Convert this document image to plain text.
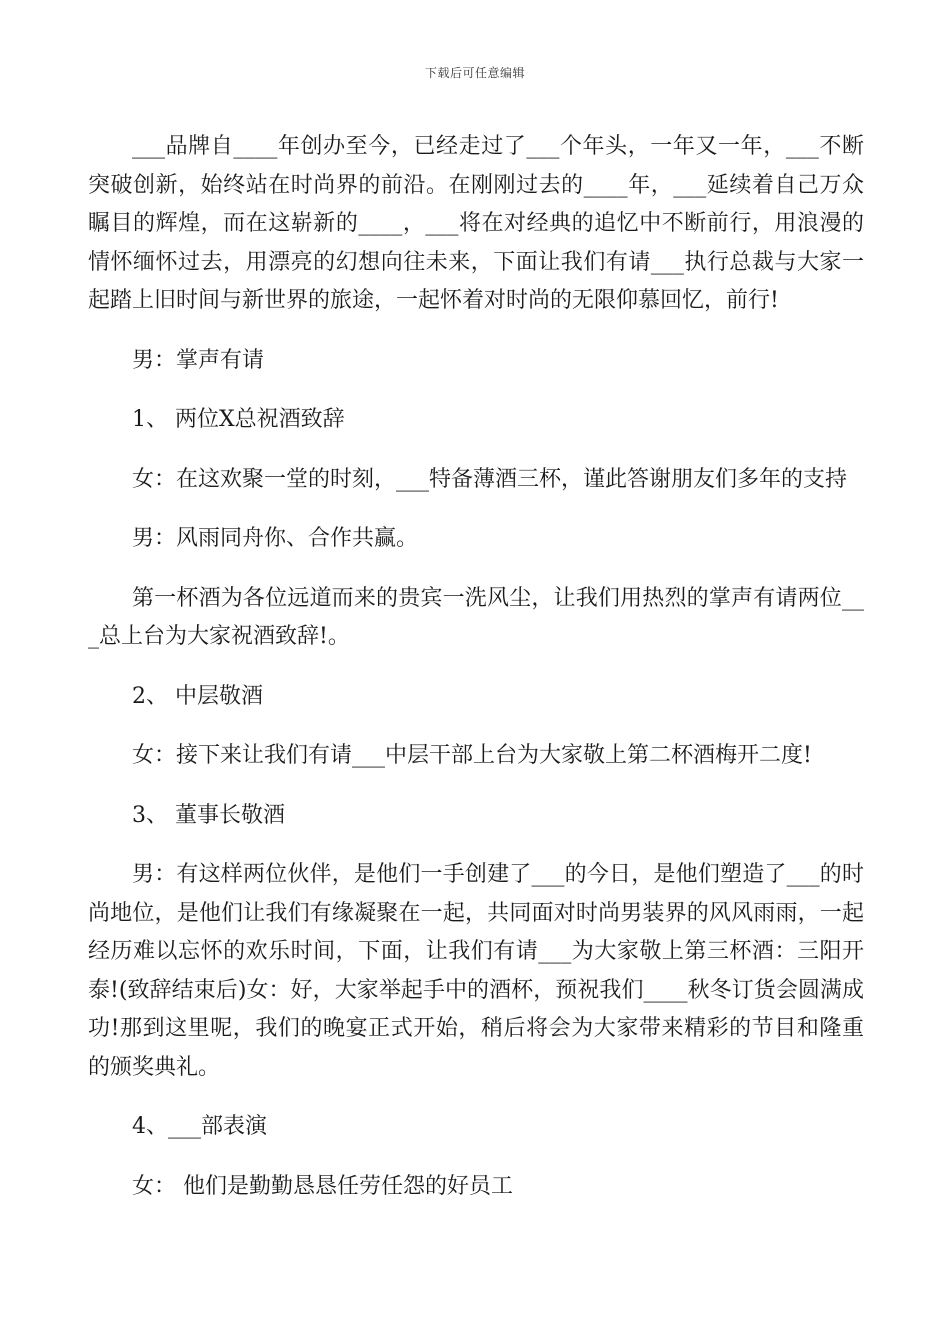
下载后可任意编辑

___品牌自____年创办至今，已经走过了___个年头，一年又一年，___不断突破创新，始终站在时尚界的前沿。在刚刚过去的____年，___延续着自己万众瞩目的辉煌，而在这崭新的____，___将在对经典的追忆中不断前行，用浪漫的情怀缅怀过去，用漂亮的幻想向往未来，下面让我们有请___执行总裁与大家一起踏上旧时间与新世界的旅途，一起怀着对时尚的无限仰慕回忆，前行!

男：掌声有请

1、 两位X总祝酒致辞

女：在这欢聚一堂的时刻，___特备薄酒三杯，谨此答谢朋友们多年的支持

男：风雨同舟你、合作共赢。

第一杯酒为各位远道而来的贵宾一洗风尘，让我们用热烈的掌声有请两位___总上台为大家祝酒致辞!。

2、 中层敬酒

女：接下来让我们有请___中层干部上台为大家敬上第二杯酒梅开二度!

3、 董事长敬酒

男：有这样两位伙伴，是他们一手创建了___的今日，是他们塑造了___的时尚地位，是他们让我们有缘凝聚在一起，共同面对时尚男装界的风风雨雨，一起经历难以忘怀的欢乐时间，下面，让我们有请___为大家敬上第三杯酒：三阳开泰!(致辞结束后)女：好，大家举起手中的酒杯，预祝我们____秋冬订货会圆满成功!那到这里呢，我们的晚宴正式开始，稍后将会为大家带来精彩的节目和隆重的颁奖典礼。

4、___部表演

女： 他们是勤勤恳恳任劳任怨的好员工
